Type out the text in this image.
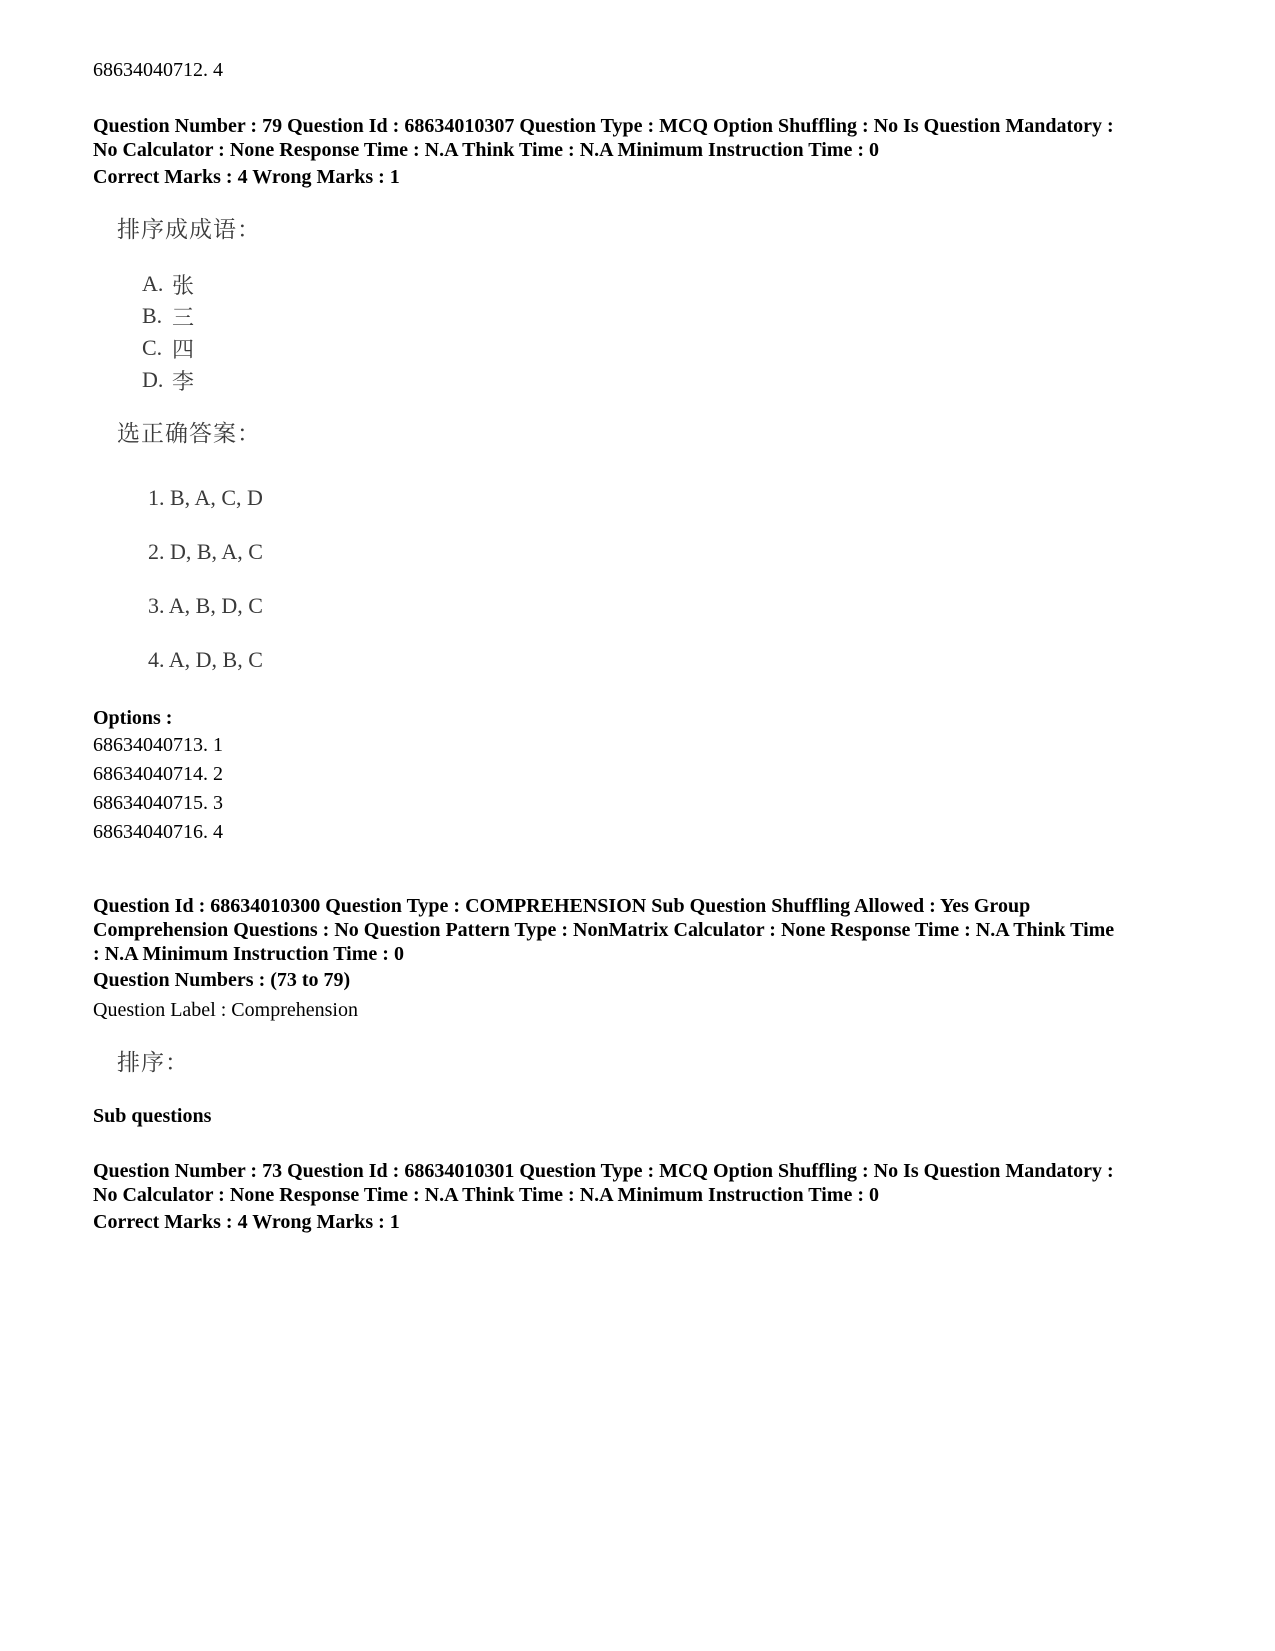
68634040712. 4
Question Number : 79 Question Id : 68634010307 Question Type : MCQ Option Shuffling : No Is Question Mandatory :
No Calculator : None Response Time : N.A Think Time : N.A Minimum Instruction Time : 0
Correct Marks : 4 Wrong Marks : 1
排序成成语：
A. 张
B. 三
C. 四
D. 李
选正确答案：
1. B, A, C, D
2. D, B, A, C
3. A, B, D, C
4. A, D, B, C
Options :
68634040713. 1
68634040714. 2
68634040715. 3
68634040716. 4
Question Id : 68634010300 Question Type : COMPREHENSION Sub Question Shuffling Allowed : Yes Group
Comprehension Questions : No Question Pattern Type : NonMatrix Calculator : None Response Time : N.A Think Time
: N.A Minimum Instruction Time : 0
Question Numbers : (73 to 79)
Question Label : Comprehension
排序：
Sub questions
Question Number : 73 Question Id : 68634010301 Question Type : MCQ Option Shuffling : No Is Question Mandatory :
No Calculator : None Response Time : N.A Think Time : N.A Minimum Instruction Time : 0
Correct Marks : 4 Wrong Marks : 1
